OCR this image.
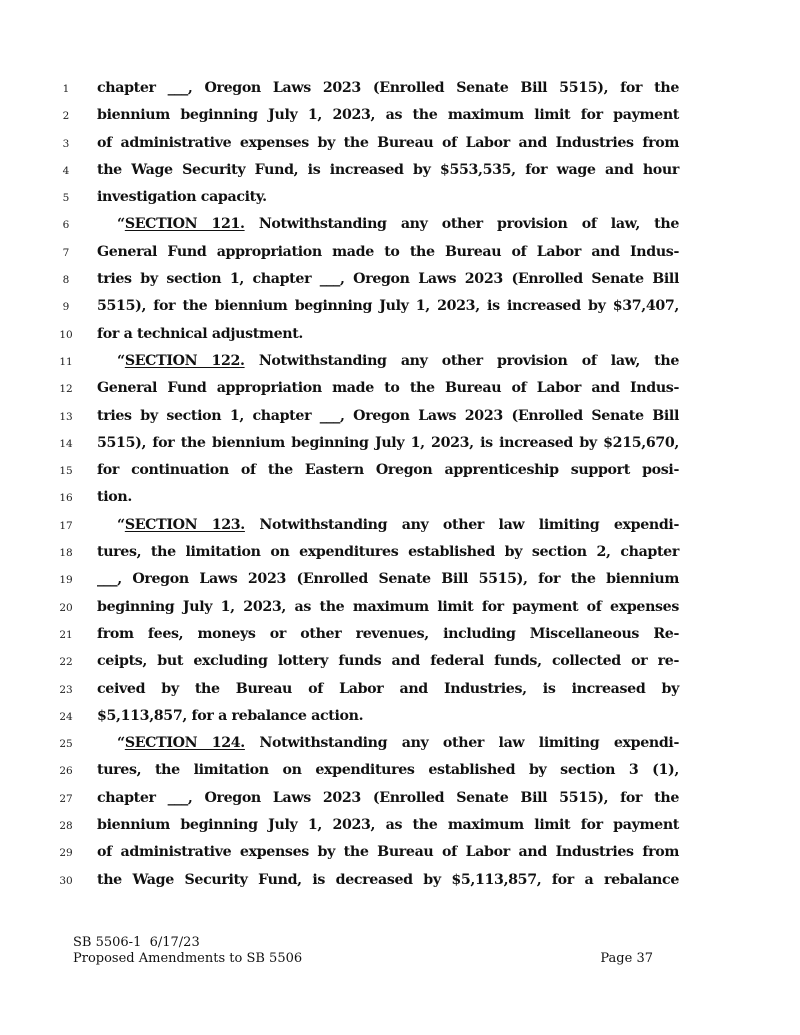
1	chapter ___, Oregon Laws 2023 (Enrolled Senate Bill 5515), for the
2	biennium beginning July 1, 2023, as the maximum limit for payment
3	of administrative expenses by the Bureau of Labor and Industries from
4	the Wage Security Fund, is increased by $553,535, for wage and hour
5	investigation capacity.
6	“SECTION 121. Notwithstanding any other provision of law, the
7	General Fund appropriation made to the Bureau of Labor and Indus-
8	tries by section 1, chapter ___, Oregon Laws 2023 (Enrolled Senate Bill
9	5515), for the biennium beginning July 1, 2023, is increased by $37,407,
10	for a technical adjustment.
11	“SECTION 122. Notwithstanding any other provision of law, the
12	General Fund appropriation made to the Bureau of Labor and Indus-
13	tries by section 1, chapter ___, Oregon Laws 2023 (Enrolled Senate Bill
14	5515), for the biennium beginning July 1, 2023, is increased by $215,670,
15	for continuation of the Eastern Oregon apprenticeship support posi-
16	tion.
17	“SECTION 123. Notwithstanding any other law limiting expendi-
18	tures, the limitation on expenditures established by section 2, chapter
19	___, Oregon Laws 2023 (Enrolled Senate Bill 5515), for the biennium
20	beginning July 1, 2023, as the maximum limit for payment of expenses
21	from fees, moneys or other revenues, including Miscellaneous Re-
22	ceipts, but excluding lottery funds and federal funds, collected or re-
23	ceived by the Bureau of Labor and Industries, is increased by
24	$5,113,857, for a rebalance action.
25	“SECTION 124. Notwithstanding any other law limiting expendi-
26	tures, the limitation on expenditures established by section 3 (1),
27	chapter ___, Oregon Laws 2023 (Enrolled Senate Bill 5515), for the
28	biennium beginning July 1, 2023, as the maximum limit for payment
29	of administrative expenses by the Bureau of Labor and Industries from
30	the Wage Security Fund, is decreased by $5,113,857, for a rebalance
SB 5506-1  6/17/23
Proposed Amendments to SB 5506	Page 37
